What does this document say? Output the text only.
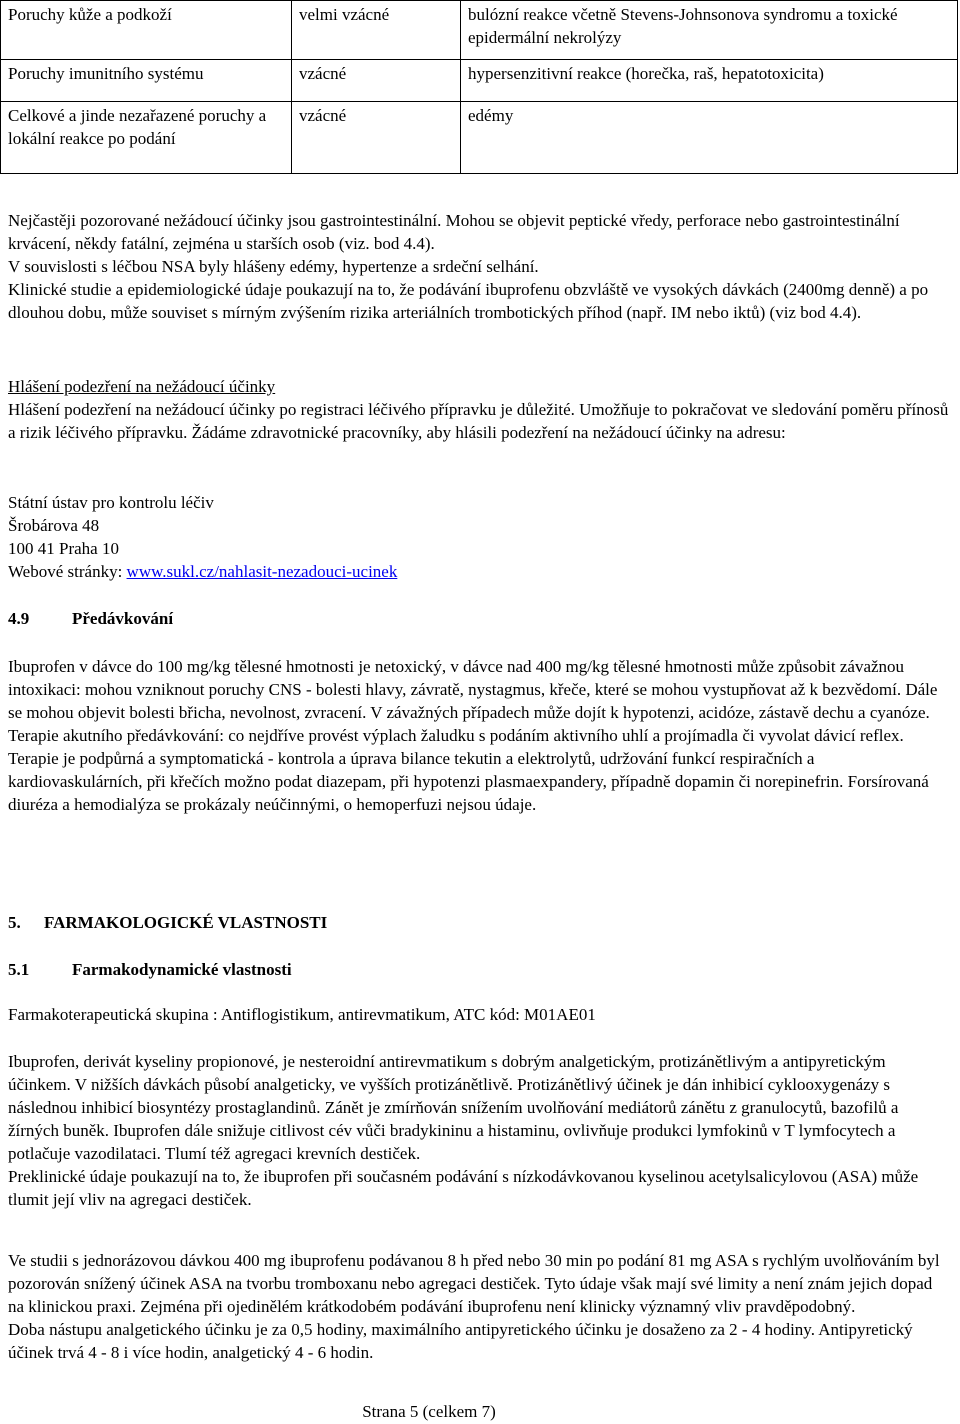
Poruchy kůže a podkoží	velmi vzácné	bulózní reakce včetně Stevens-Johnsonova syndromu a toxické epidermální nekrolýzy
Poruchy imunitního systému	vzácné	hypersenzitivní reakce (horečka, raš, hepatotoxicita)
Celkové a jinde nezařazené poruchy a lokální reakce po podání	vzácné	edémy

Nejčastěji pozorované nežádoucí účinky jsou gastrointestinální. Mohou se objevit peptické vředy, perforace nebo gastrointestinální krvácení, někdy fatální, zejména u starších osob (viz. bod 4.4).

V souvislosti s léčbou NSA byly hlášeny edémy, hypertenze a srdeční selhání.

Klinické studie a epidemiologické údaje poukazují na to, že podávání ibuprofenu obzvláště ve vysokých dávkách (2400mg denně) a po dlouhou dobu, může souviset s mírným zvýšením rizika arteriálních trombotických příhod (např. IM nebo iktů) (viz bod 4.4).

Hlášení podezření na nežádoucí účinky

Hlášení podezření na nežádoucí účinky po registraci léčivého přípravku je důležité. Umožňuje to pokračovat ve sledování poměru přínosů a rizik léčivého přípravku. Žádáme zdravotnické pracovníky, aby hlásili podezření na nežádoucí účinky na adresu:

Státní ústav pro kontrolu léčiv

Šrobárova 48

100 41 Praha 10

Webové stránky: www.sukl.cz/nahlasit-nezadouci-ucinek

4.9	Předávkování

Ibuprofen v dávce do 100 mg/kg tělesné hmotnosti je netoxický, v dávce nad 400 mg/kg tělesné hmotnosti může způsobit závažnou intoxikaci: mohou vzniknout poruchy CNS - bolesti hlavy, závratě, nystagmus, křeče, které se mohou vystupňovat až k bezvědomí. Dále se mohou objevit bolesti břicha, nevolnost, zvracení. V závažných případech může dojít k hypotenzi, acidóze, zástavě dechu a cyanóze.

Terapie akutního předávkování: co nejdříve provést výplach žaludku s podáním aktivního uhlí a projímadla či vyvolat dávicí reflex. Terapie je podpůrná a symptomatická - kontrola a úprava bilance tekutin a elektrolytů, udržování funkcí respiračních a kardiovaskulárních, při křečích možno podat diazepam, při hypotenzi plasmaexpandery, případně dopamin či norepinefrin. Forsírovaná diuréza a hemodialýza se prokázaly neúčinnými, o hemoperfuzi nejsou údaje.

5. FARMAKOLOGICKÉ VLASTNOSTI
5.1	Farmakodynamické vlastnosti

Farmakoterapeutická skupina : Antiflogistikum, antirevmatikum, ATC kód: M01AE01

Ibuprofen, derivát kyseliny propionové, je nesteroidní antirevmatikum s dobrým analgetickým, protizánětlivým a antipyretickým účinkem. V nižších dávkách působí analgeticky, ve vyšších protizánětlivě. Protizánětlivý účinek je dán inhibicí cyklooxygenázy s následnou inhibicí biosyntézy prostaglandinů. Zánět je zmírňován snížením uvolňování mediátorů zánětu z granulocytů, bazofilů a žírných buněk. Ibuprofen dále snižuje citlivost cév vůči bradykininu a histaminu, ovlivňuje produkci lymfokinů v T lymfocytech a potlačuje vazodilataci. Tlumí též agregaci krevních destiček.

Preklinické údaje poukazují na to, že ibuprofen při současném podávání s nízkodávkovanou kyselinou acetylsalicylovou (ASA) může tlumit její vliv na agregaci destiček.

Ve studii s jednorázovou dávkou 400 mg ibuprofenu podávanou 8 h před nebo 30 min po podání 81 mg ASA s rychlým uvolňováním byl pozorován snížený účinek ASA na tvorbu tromboxanu nebo agregaci destiček. Tyto údaje však mají své limity a není znám jejich dopad na klinickou praxi. Zejména při ojedinělém krátkodobém podávání ibuprofenu není klinicky významný vliv pravděpodobný.

Doba nástupu analgetického účinku je za 0,5 hodiny, maximálního antipyretického účinku je dosaženo za 2 - 4 hodiny. Antipyretický účinek trvá 4 - 8 i více hodin, analgetický 4 - 6 hodin.

Strana 5 (celkem 7)
